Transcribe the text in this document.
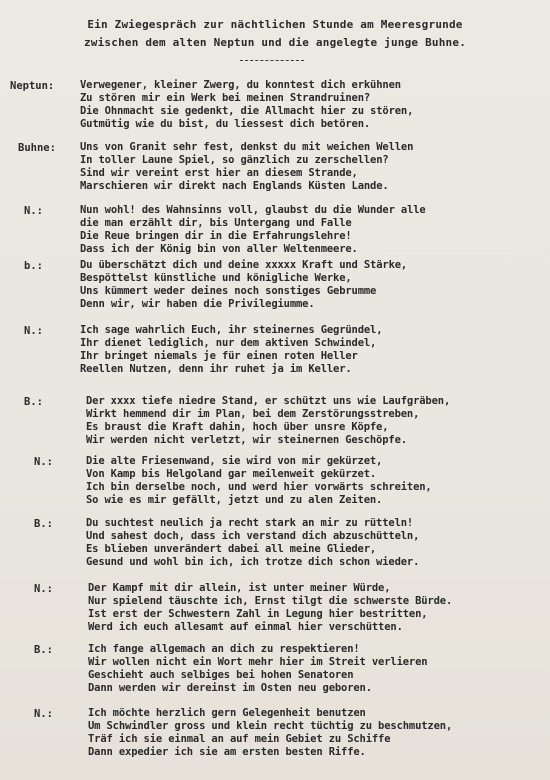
Ein Zwiegespräch zur nächtlichen Stunde am Meeresgrunde
zwischen dem alten Neptun und die angelegte junge Buhne.
Neptun: Verwegener, kleiner Zwerg, du konntest dich erkühnen
Zu stören mir ein Werk bei meinen Strandruinen?
Die Ohnmacht sie gedenkt, die Allmacht hier zu stören,
Gutmütig wie du bist, du liessest dich betören.
Buhne: Uns von Granit sehr fest, denkst du mit weichen Wellen
In toller Laune Spiel, so gänzlich zu zerschellen?
Sind wir vereint erst hier an diesem Strande,
Marschieren wir direkt nach Englands Küsten Lande.
N.:	Nun wohl! des Wahnsinns voll, glaubst du die Wunder alle
die man erzählt dir, bis Untergang und Falle
Die Reue bringen dir in die Erfahrungslehre!
Dass ich der König bin von aller Weltenmeere.
b.:	Du überschätzt dich und deine xxxxx Kraft und Stärke,
Bespöttelst künstliche und königliche Werke,
Uns kümmert weder deines noch sonstiges Gebrumme
Denn wir, wir haben die Privilegiumme.
N.:	Ich sage wahrlich Euch, ihr steinernes Gegründel,
Ihr dienet lediglich, nur dem aktiven Schwindel,
Ihr bringet niemals je für einen roten Heller
Reellen Nutzen, denn ihr ruhet ja im Keller.
B.:	Der xxxx tiefe niedre Stand, er schützt uns wie Laufgräben,
Wirkt hemmend dir im Plan, bei dem Zerstörungsstreben,
Es braust die Kraft dahin, hoch über unsre Köpfe,
Wir werden nicht verletzt, wir steinernen Geschöpfe.
N.:	Die alte Friesenwand, sie wird von mir gekürzet,
Von Kamp bis Helgoland gar meilenweit gekürzet.
Ich bin derselbe noch, und werd hier vorwärts schreiten,
So wie es mir gefällt, jetzt und zu alen Zeiten.
B.:	Du suchtest neulich ja recht stark an mir zu rütteln!
Und sahest doch, dass ich verstand dich abzuschütteln,
Es blieben unverändert dabei all meine Glieder,
Gesund und wohl bin ich, ich trotze dich schon wieder.
N.:	Der Kampf mit dir allein, ist unter meiner Würde,
Nur spielend täuschte ich, Ernst tilgt die schwerste Bürde.
Ist erst der Schwestern Zahl in Legung hier bestritten,
Werd ich euch allesamt auf einmal hier verschütten.
B.:	Ich fange allgemach an dich zu respektieren!
Wir wollen nicht ein Wort mehr hier im Streit verlieren
Geschieht auch selbiges bei hohen Senatoren
Dann werden wir dereinst im Osten neu geboren.
N.:	Ich möchte herzlich gern Gelegenheit benutzen
Um Schwindler gross und klein recht tüchtig zu beschmutzen,
Träf ich sie einmal an auf mein Gebiet zu Schiffe
Dann expedier ich sie am ersten besten Riffe.
